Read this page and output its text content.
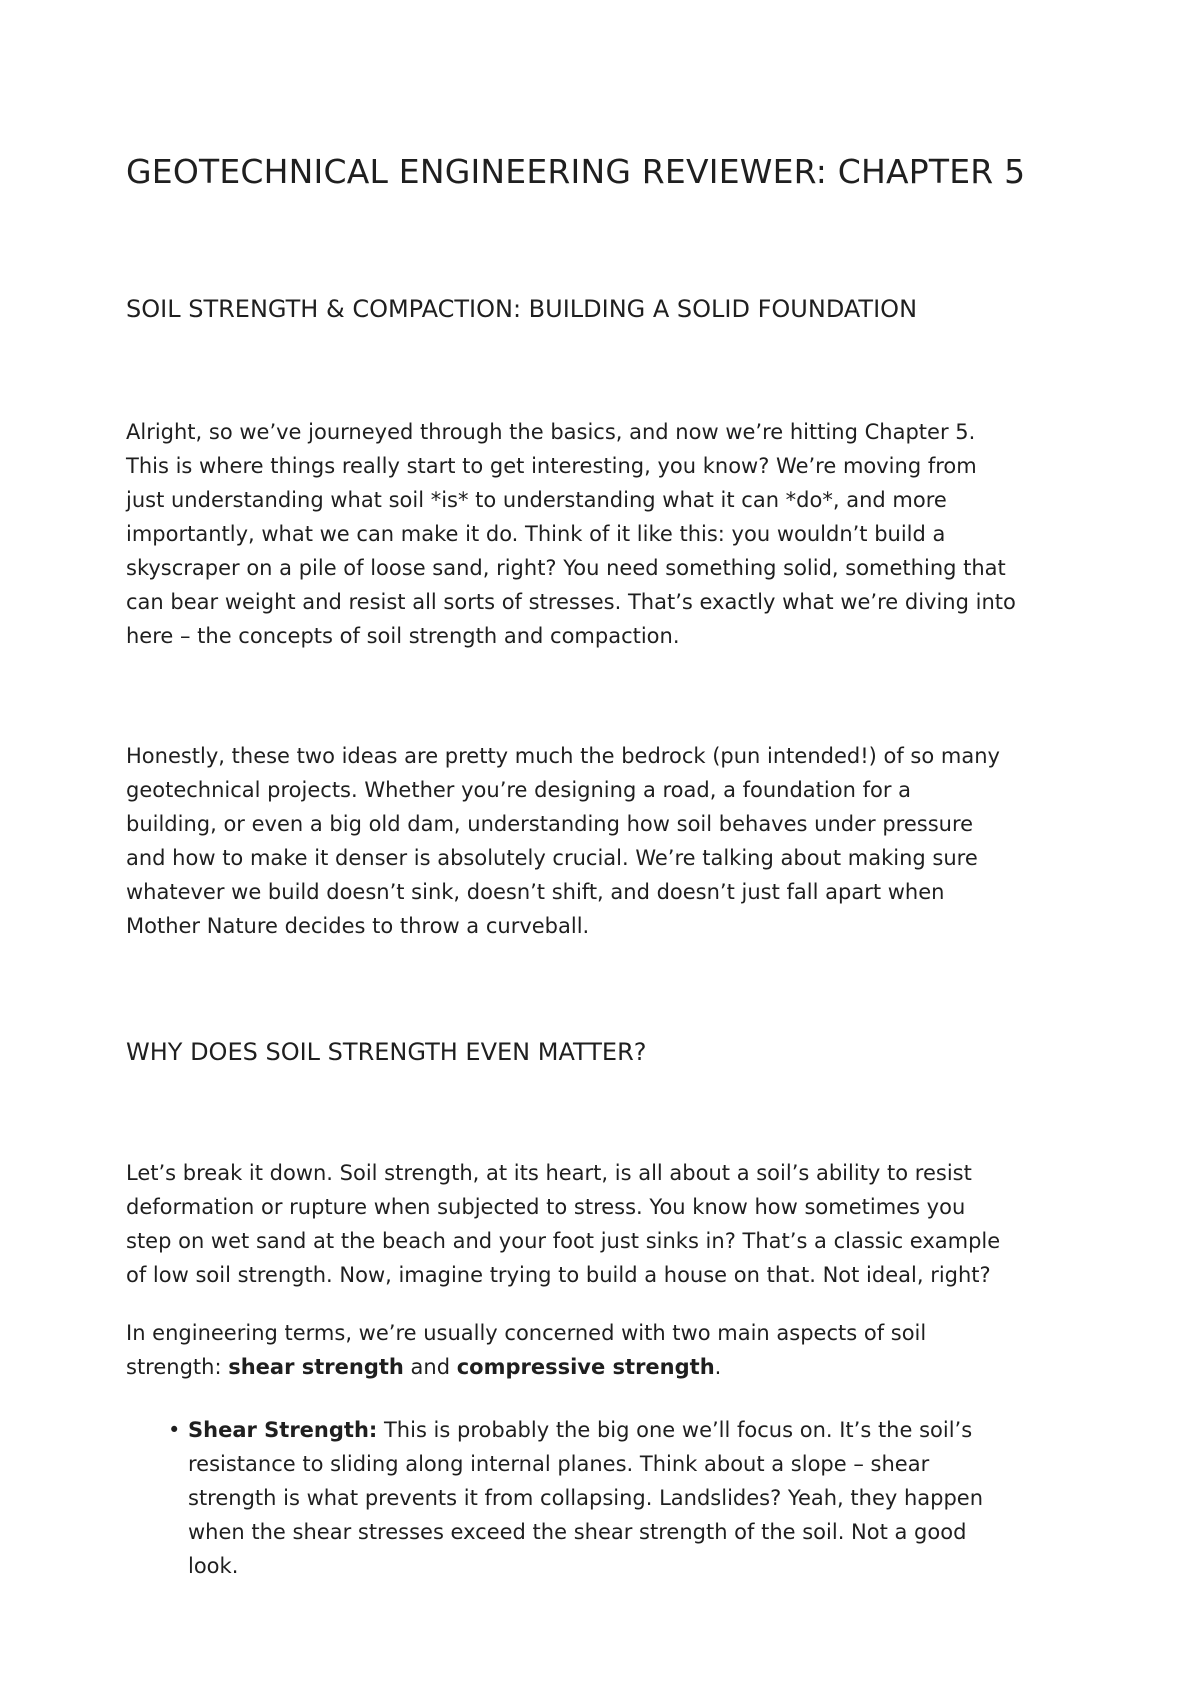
GEOTECHNICAL ENGINEERING REVIEWER: CHAPTER 5
SOIL STRENGTH & COMPACTION: BUILDING A SOLID FOUNDATION

Alright, so we’ve journeyed through the basics, and now we’re hitting Chapter 5.
This is where things really start to get interesting, you know? We’re moving from
just understanding what soil *is* to understanding what it can *do*, and more
importantly, what we can make it do. Think of it like this: you wouldn’t build a
skyscraper on a pile of loose sand, right? You need something solid, something that
can bear weight and resist all sorts of stresses. That’s exactly what we’re diving into
here – the concepts of soil strength and compaction.

Honestly, these two ideas are pretty much the bedrock (pun intended!) of so many
geotechnical projects. Whether you’re designing a road, a foundation for a
building, or even a big old dam, understanding how soil behaves under pressure
and how to make it denser is absolutely crucial. We’re talking about making sure
whatever we build doesn’t sink, doesn’t shift, and doesn’t just fall apart when
Mother Nature decides to throw a curveball.

WHY DOES SOIL STRENGTH EVEN MATTER?

Let’s break it down. Soil strength, at its heart, is all about a soil’s ability to resist
deformation or rupture when subjected to stress. You know how sometimes you
step on wet sand at the beach and your foot just sinks in? That’s a classic example
of low soil strength. Now, imagine trying to build a house on that. Not ideal, right?

In engineering terms, we’re usually concerned with two main aspects of soil
strength: shear strength and compressive strength.

• Shear Strength: This is probably the big one we’ll focus on. It’s the soil’s
resistance to sliding along internal planes. Think about a slope – shear
strength is what prevents it from collapsing. Landslides? Yeah, they happen
when the shear stresses exceed the shear strength of the soil. Not a good
look.
